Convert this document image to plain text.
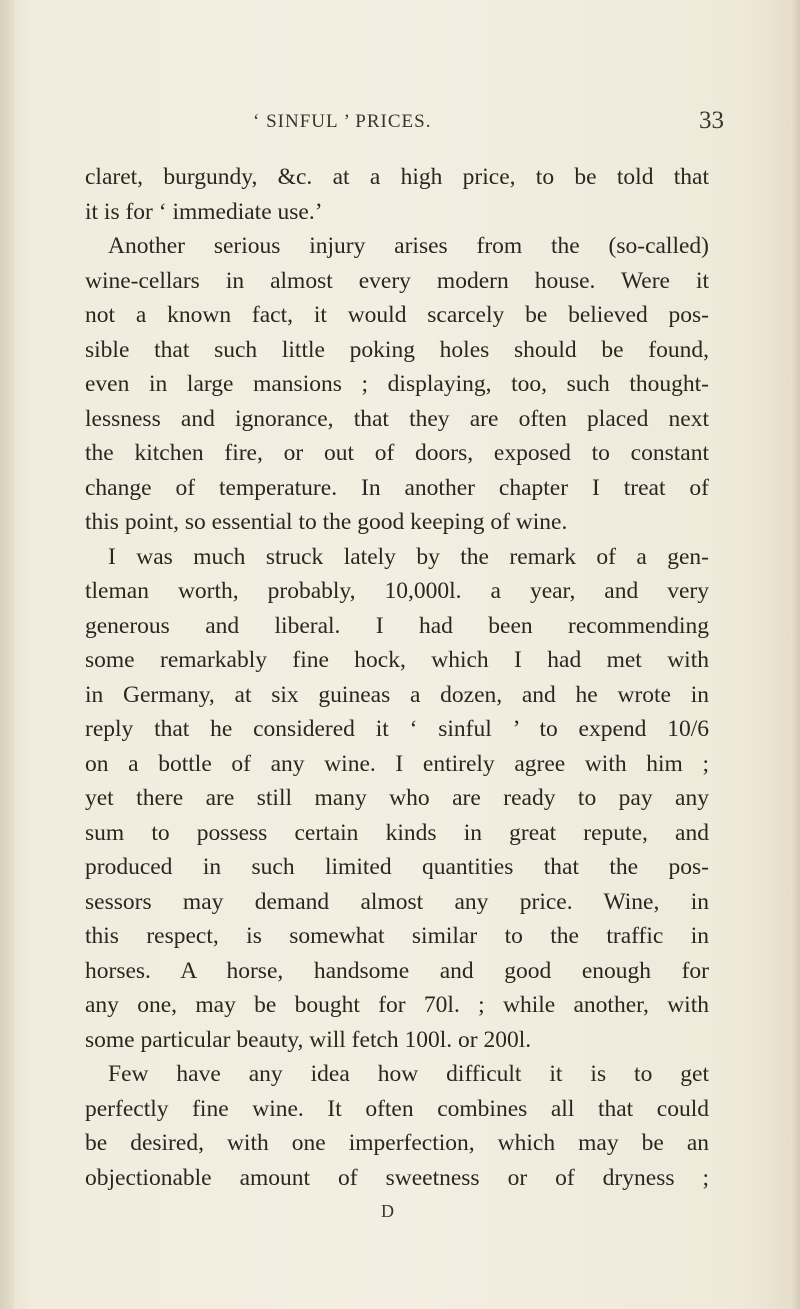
‘ SINFUL ’ PRICES.	33
claret, burgundy, &c. at a high price, to be told that
it is for ‘ immediate use.’
Another serious injury arises from the (so-called)
wine-cellars in almost every modern house. Were it
not a known fact, it would scarcely be believed pos-
sible that such little poking holes should be found,
even in large mansions ; displaying, too, such thought-
lessness and ignorance, that they are often placed next
the kitchen fire, or out of doors, exposed to constant
change of temperature. In another chapter I treat of
this point, so essential to the good keeping of wine.
I was much struck lately by the remark of a gen-
tleman worth, probably, 10,000l. a year, and very
generous and liberal. I had been recommending
some remarkably fine hock, which I had met with
in Germany, at six guineas a dozen, and he wrote in
reply that he considered it ‘ sinful ’ to expend 10/6
on a bottle of any wine. I entirely agree with him ;
yet there are still many who are ready to pay any
sum to possess certain kinds in great repute, and
produced in such limited quantities that the pos-
sessors may demand almost any price. Wine, in
this respect, is somewhat similar to the traffic in
horses. A horse, handsome and good enough for
any one, may be bought for 70l. ; while another, with
some particular beauty, will fetch 100l. or 200l.
Few have any idea how difficult it is to get
perfectly fine wine. It often combines all that could
be desired, with one imperfection, which may be an
objectionable amount of sweetness or of dryness ;
D
